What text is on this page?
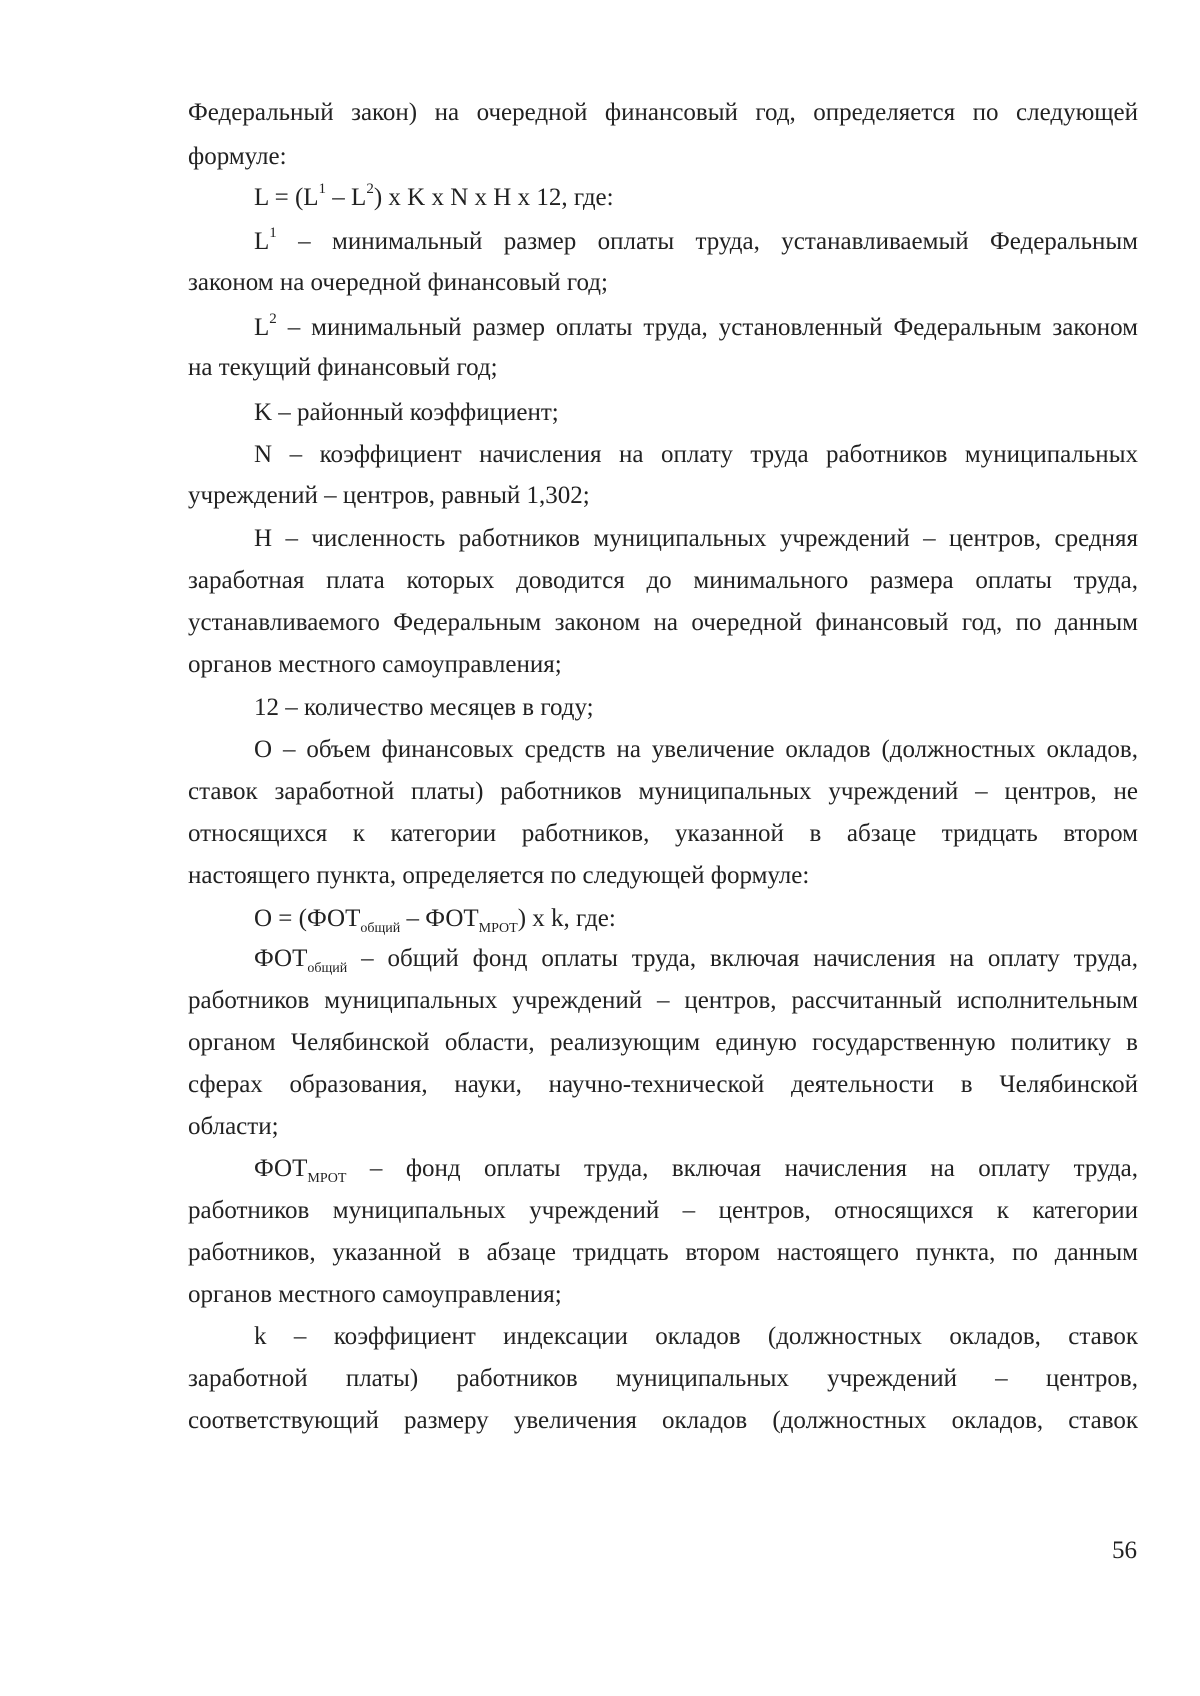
Федеральный закон) на очередной финансовый год, определяется по следующей
формуле:
$L = (L^1 - L^2)$ x K x N x H x 12, где:
$L^1$ – минимальный размер оплаты труда, устанавливаемый Федеральным
законом на очередной финансовый год;
$L^2$ – минимальный размер оплаты труда, установленный Федеральным законом
на текущий финансовый год;
K – районный коэффициент;
N – коэффициент начисления на оплату труда работников муниципальных
учреждений – центров, равный 1,302;
H – численность работников муниципальных учреждений – центров, средняя
заработная плата которых доводится до минимального размера оплаты труда,
устанавливаемого Федеральным законом на очередной финансовый год, по данным
органов местного самоуправления;
12 – количество месяцев в году;
O – объем финансовых средств на увеличение окладов (должностных окладов,
ставок заработной платы) работников муниципальных учреждений – центров, не
относящихся к категории работников, указанной в абзаце тридцать втором
настоящего пункта, определяется по следующей формуле:
$O = (ФОТ_{общий} - ФОТ_{МРОТ})$ x k, где:
$ФОТ_{общий}$ – общий фонд оплаты труда, включая начисления на оплату труда,
работников муниципальных учреждений – центров, рассчитанный исполнительным
органом Челябинской области, реализующим единую государственную политику в
сферах образования, науки, научно-технической деятельности в Челябинской
области;
$ФОТ_{МРОТ}$ – фонд оплаты труда, включая начисления на оплату труда,
работников муниципальных учреждений – центров, относящихся к категории
работников, указанной в абзаце тридцать втором настоящего пункта, по данным
органов местного самоуправления;
k – коэффициент индексации окладов (должностных окладов, ставок
заработной платы) работников муниципальных учреждений – центров,
соответствующий размеру увеличения окладов (должностных окладов, ставок
56
